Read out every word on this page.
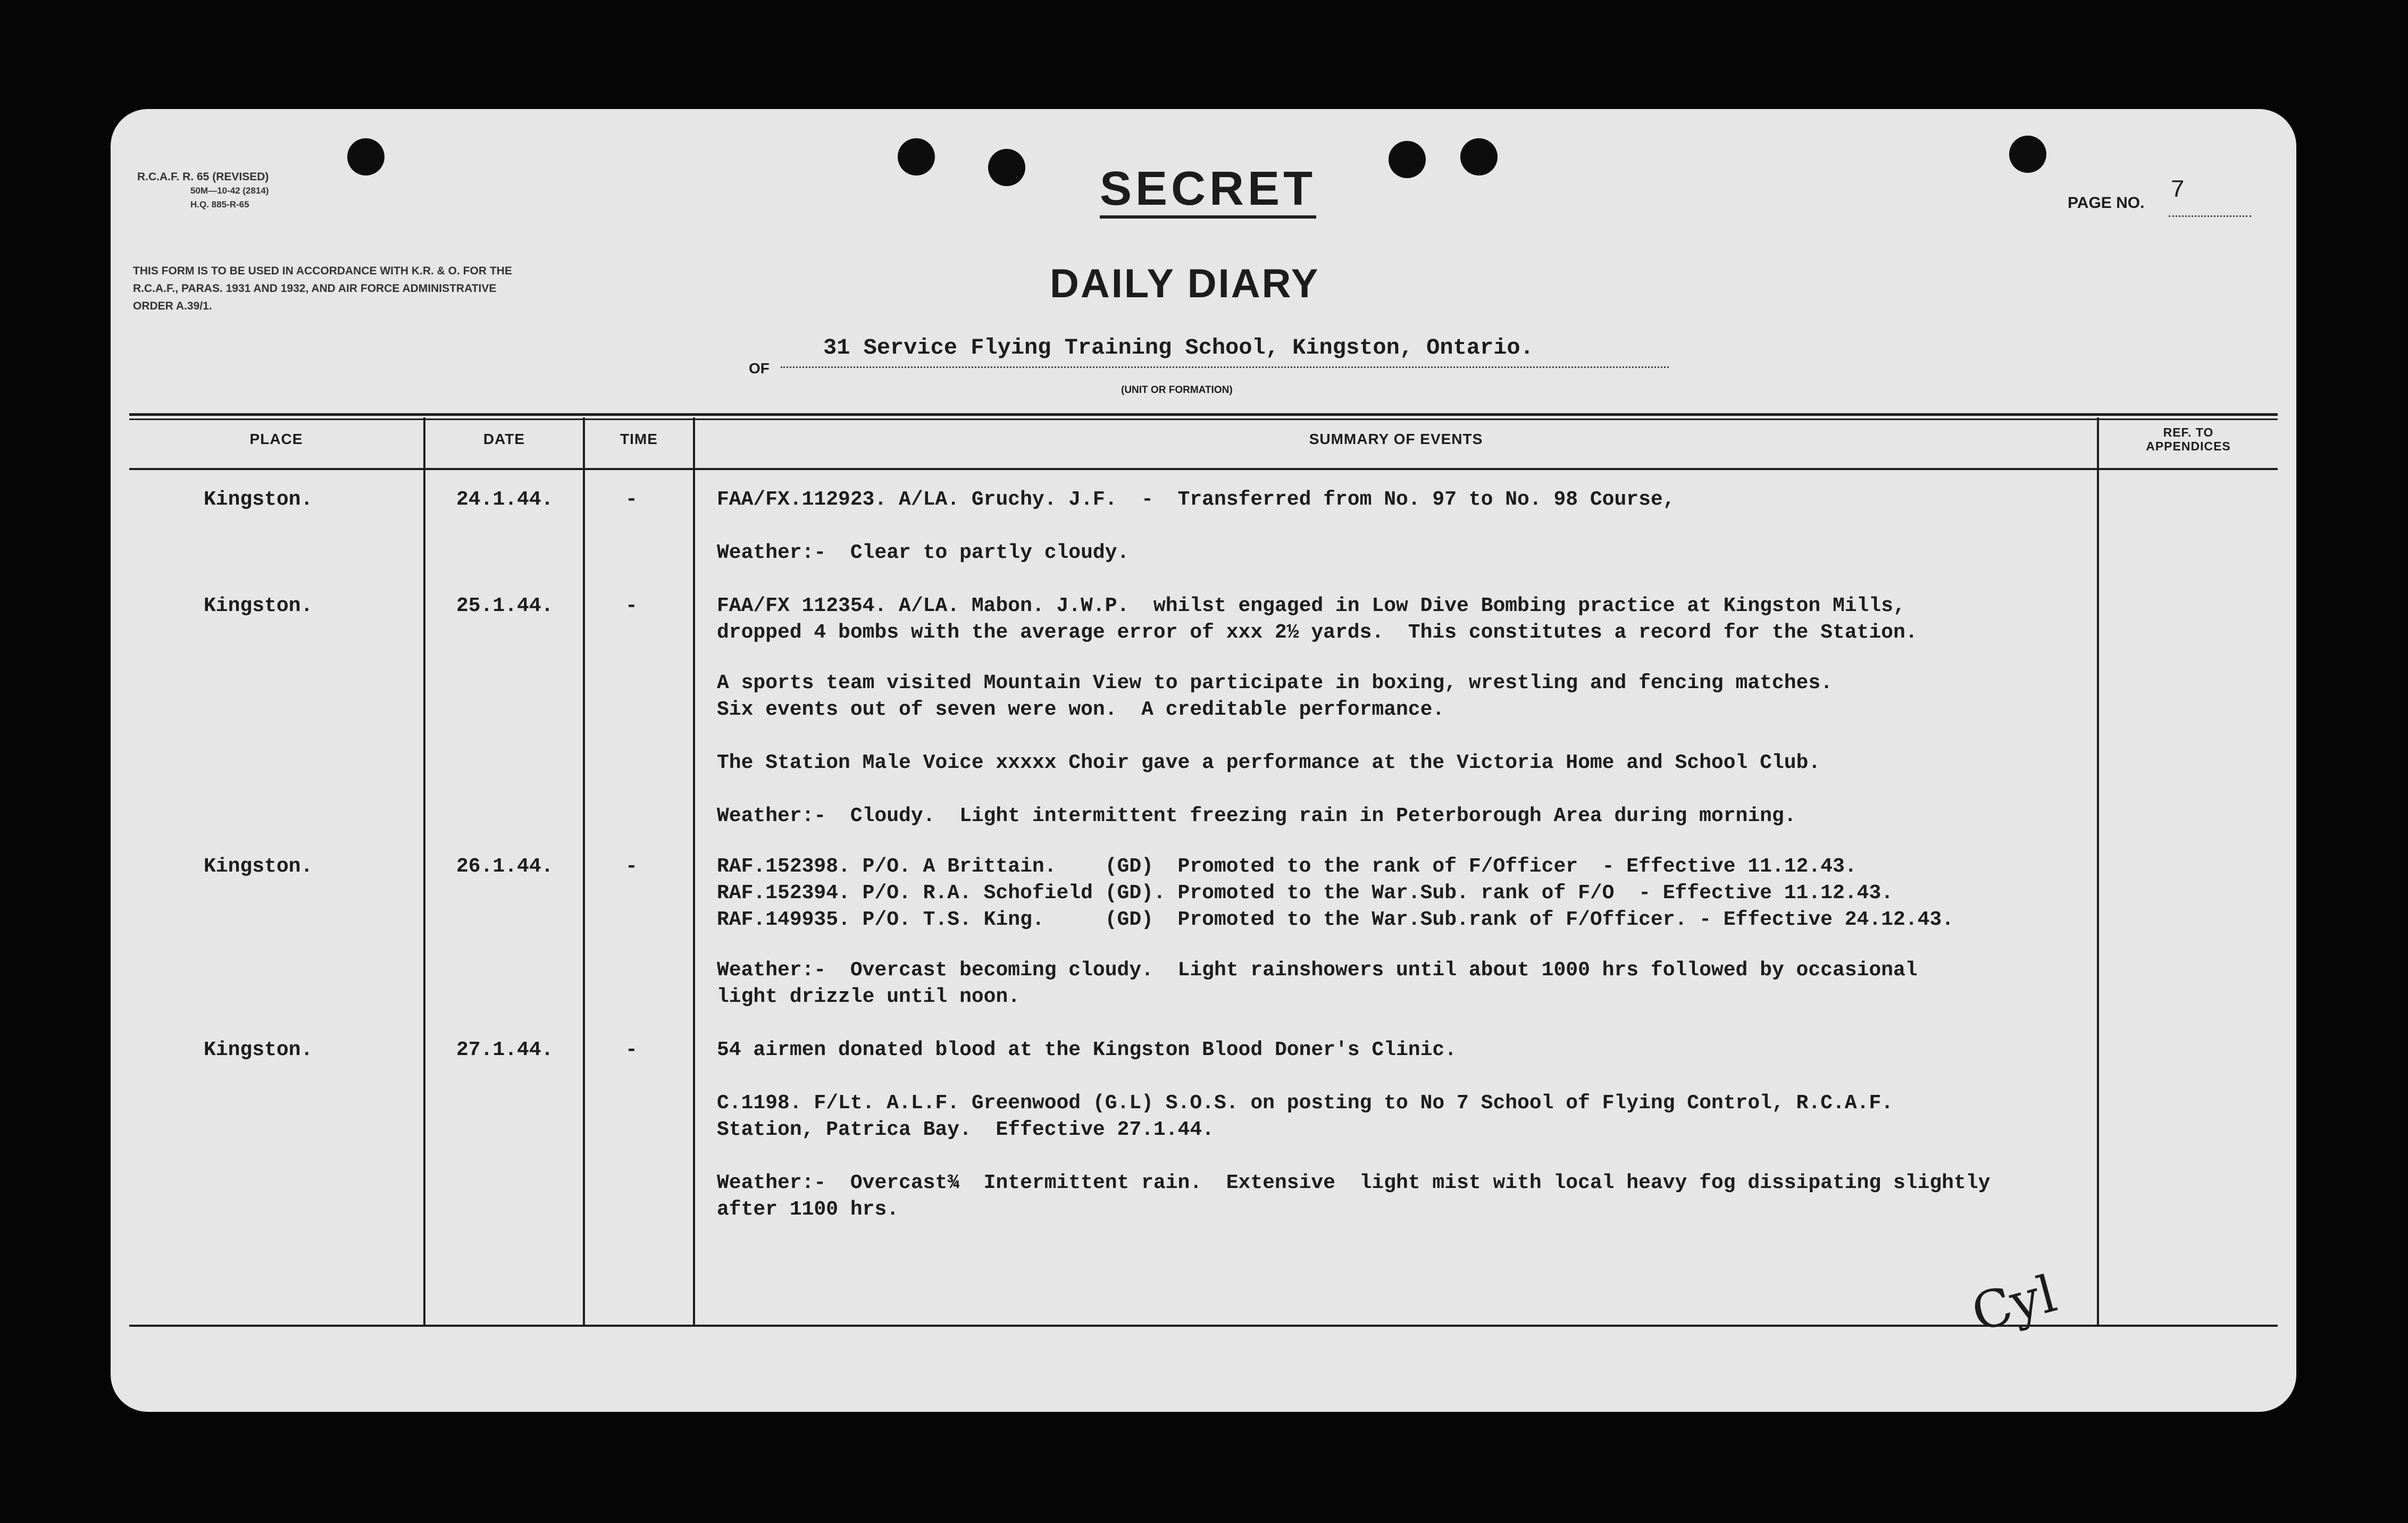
R.C.A.F. R. 65 (REVISED)
50M—10-42 (2814)
H.Q. 885-R-65
THIS FORM IS TO BE USED IN ACCORDANCE WITH K.R. & O. FOR THE R.C.A.F., PARAS. 1931 AND 1932, AND AIR FORCE ADMINISTRATIVE ORDER A.39/1.
SECRET	PAGE NO. 7
DAILY DIARY
OF
31 Service Flying Training School, Kingston, Ontario.
(UNIT OR FORMATION)
PLACE	DATE	TIME	SUMMARY OF EVENTS	REF. TO
APPENDICES
Kingston.	24.1.44.	-	FAA/FX.112923. A/LA. Gruchy. J.F.  -  Transferred from No. 97 to No. 98 Course,
Weather:-  Clear to partly cloudy.
Kingston.	25.1.44.	-	FAA/FX 112354. A/LA. Mabon. J.W.P.  whilst engaged in Low Dive Bombing practice at Kingston Mills,
dropped 4 bombs with the average error of xxx 2½ yards.  This constitutes a record for the Station.
A sports team visited Mountain View to participate in boxing, wrestling and fencing matches.
Six events out of seven were won.  A creditable performance.
The Station Male Voice xxxxx Choir gave a performance at the Victoria Home and School Club.
Weather:-  Cloudy.  Light intermittent freezing rain in Peterborough Area during morning.
Kingston.	26.1.44.	-	RAF.152398. P/O. A Brittain.    (GD)  Promoted to the rank of F/Officer  - Effective 11.12.43.
RAF.152394. P/O. R.A. Schofield (GD). Promoted to the War.Sub. rank of F/O  - Effective 11.12.43.
RAF.149935. P/O. T.S. King.     (GD)  Promoted to the War.Sub.rank of F/Officer. - Effective 24.12.43.
Weather:-  Overcast becoming cloudy.  Light rainshowers until about 1000 hrs followed by occasional
light drizzle until noon.
Kingston.	27.1.44.	-	54 airmen donated blood at the Kingston Blood Doner's Clinic.
C.1198. F/Lt. A.L.F. Greenwood (G.L) S.O.S. on posting to No 7 School of Flying Control, R.C.A.F.
Station, Patrica Bay.  Effective 27.1.44.
Weather:-  Overcast¾  Intermittent rain.  Extensive  light mist with local heavy fog dissipating slightly
after 1100 hrs.
Cyl
